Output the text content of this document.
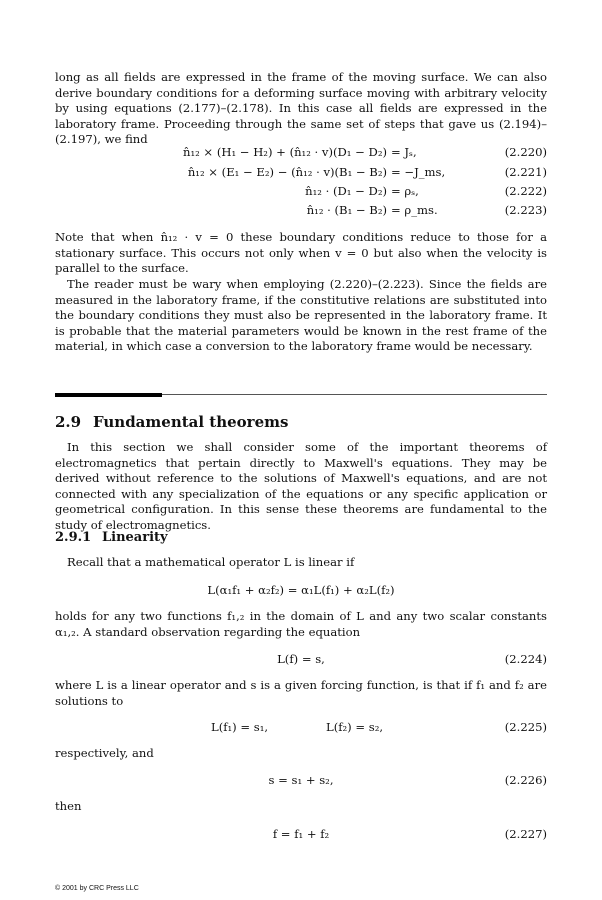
long as all fields are expressed in the frame of the moving surface. We can also derive boundary conditions for a deforming surface moving with arbitrary velocity by using equations (2.177)–(2.178). In this case all fields are expressed in the laboratory frame. Proceeding through the same set of steps that gave us (2.194)–(2.197), we find
n̂₁₂ × (H₁ − H₂) + (n̂₁₂ · v)(D₁ − D₂) = Jₛ,	(2.220)
n̂₁₂ × (E₁ − E₂) − (n̂₁₂ · v)(B₁ − B₂) = −J_ms,	(2.221)
n̂₁₂ · (D₁ − D₂) = ρₛ,	(2.222)
n̂₁₂ · (B₁ − B₂) = ρ_ms.	(2.223)
Note that when n̂₁₂ · v = 0 these boundary conditions reduce to those for a stationary surface. This occurs not only when v = 0 but also when the velocity is parallel to the surface.
The reader must be wary when employing (2.220)–(2.223). Since the fields are measured in the laboratory frame, if the constitutive relations are substituted into the boundary conditions they must also be represented in the laboratory frame. It is probable that the material parameters would be known in the rest frame of the material, in which case a conversion to the laboratory frame would be necessary.
2.9 Fundamental theorems
In this section we shall consider some of the important theorems of electromagnetics that pertain directly to Maxwell's equations. They may be derived without reference to the solutions of Maxwell's equations, and are not connected with any specialization of the equations or any specific application or geometrical configuration. In this sense these theorems are fundamental to the study of electromagnetics.
2.9.1 Linearity
Recall that a mathematical operator L is linear if
L(α₁f₁ + α₂f₂) = α₁L(f₁) + α₂L(f₂)
holds for any two functions f₁,₂ in the domain of L and any two scalar constants α₁,₂. A standard observation regarding the equation
L(f) = s,	(2.224)
where L is a linear operator and s is a given forcing function, is that if f₁ and f₂ are solutions to
L(f₁) = s₁,	L(f₂) = s₂,	(2.225)
respectively, and
s = s₁ + s₂,	(2.226)
then
f = f₁ + f₂	(2.227)
© 2001 by CRC Press LLC
